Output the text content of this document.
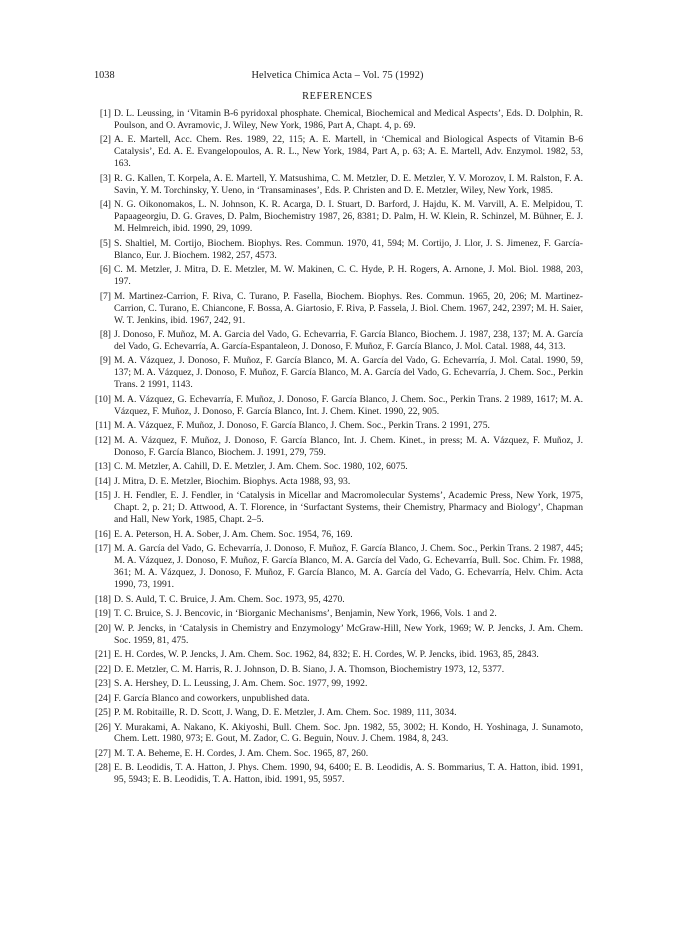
1038	Helvetica Chimica Acta – Vol. 75 (1992)
REFERENCES
[1] D. L. Leussing, in ‘Vitamin B-6 pyridoxal phosphate. Chemical, Biochemical and Medical Aspects’, Eds. D. Dolphin, R. Poulson, and O. Avramovic, J. Wiley, New York, 1986, Part A, Chapt. 4, p. 69.
[2] A. E. Martell, Acc. Chem. Res. 1989, 22, 115; A. E. Martell, in ‘Chemical and Biological Aspects of Vitamin B-6 Catalysis’, Ed. A. E. Evangelopoulos, A. R. L., New York, 1984, Part A, p. 63; A. E. Martell, Adv. Enzymol. 1982, 53, 163.
[3] R. G. Kallen, T. Korpela, A. E. Martell, Y. Matsushima, C. M. Metzler, D. E. Metzler, Y. V. Morozov, I. M. Ralston, F. A. Savin, Y. M. Torchinsky, Y. Ueno, in ‘Transaminases’, Eds. P. Christen and D. E. Metzler, Wiley, New York, 1985.
[4] N. G. Oikonomakos, L. N. Johnson, K. R. Acarga, D. I. Stuart, D. Barford, J. Hajdu, K. M. Varvill, A. E. Melpidou, T. Papaageorgiu, D. G. Graves, D. Palm, Biochemistry 1987, 26, 8381; D. Palm, H. W. Klein, R. Schinzel, M. Bühner, E. J. M. Helmreich, ibid. 1990, 29, 1099.
[5] S. Shaltiel, M. Cortijo, Biochem. Biophys. Res. Commun. 1970, 41, 594; M. Cortijo, J. Llor, J. S. Jimenez, F. García-Blanco, Eur. J. Biochem. 1982, 257, 4573.
[6] C. M. Metzler, J. Mitra, D. E. Metzler, M. W. Makinen, C. C. Hyde, P. H. Rogers, A. Arnone, J. Mol. Biol. 1988, 203, 197.
[7] M. Martinez-Carrion, F. Riva, C. Turano, P. Fasella, Biochem. Biophys. Res. Commun. 1965, 20, 206; M. Martinez-Carrion, C. Turano, E. Chiancone, F. Bossa, A. Giartosio, F. Riva, P. Fassela, J. Biol. Chem. 1967, 242, 2397; M. H. Saier, W. T. Jenkins, ibid. 1967, 242, 91.
[8] J. Donoso, F. Muñoz, M. A. Garcia del Vado, G. Echevarria, F. García Blanco, Biochem. J. 1987, 238, 137; M. A. García del Vado, G. Echevarría, A. García-Espantaleon, J. Donoso, F. Muñoz, F. García Blanco, J. Mol. Catal. 1988, 44, 313.
[9] M. A. Vázquez, J. Donoso, F. Muñoz, F. García Blanco, M. A. García del Vado, G. Echevarría, J. Mol. Catal. 1990, 59, 137; M. A. Vázquez, J. Donoso, F. Muñoz, F. García Blanco, M. A. García del Vado, G. Echevarría, J. Chem. Soc., Perkin Trans. 2 1991, 1143.
[10] M. A. Vázquez, G. Echevarría, F. Muñoz, J. Donoso, F. García Blanco, J. Chem. Soc., Perkin Trans. 2 1989, 1617; M. A. Vázquez, F. Muñoz, J. Donoso, F. García Blanco, Int. J. Chem. Kinet. 1990, 22, 905.
[11] M. A. Vázquez, F. Muñoz, J. Donoso, F. García Blanco, J. Chem. Soc., Perkin Trans. 2 1991, 275.
[12] M. A. Vázquez, F. Muñoz, J. Donoso, F. García Blanco, Int. J. Chem. Kinet., in press; M. A. Vázquez, F. Muñoz, J. Donoso, F. García Blanco, Biochem. J. 1991, 279, 759.
[13] C. M. Metzler, A. Cahill, D. E. Metzler, J. Am. Chem. Soc. 1980, 102, 6075.
[14] J. Mitra, D. E. Metzler, Biochim. Biophys. Acta 1988, 93, 93.
[15] J. H. Fendler, E. J. Fendler, in ‘Catalysis in Micellar and Macromolecular Systems’, Academic Press, New York, 1975, Chapt. 2, p. 21; D. Attwood, A. T. Florence, in ‘Surfactant Systems, their Chemistry, Pharmacy and Biology’, Chapman and Hall, New York, 1985, Chapt. 2–5.
[16] E. A. Peterson, H. A. Sober, J. Am. Chem. Soc. 1954, 76, 169.
[17] M. A. García del Vado, G. Echevarría, J. Donoso, F. Muñoz, F. García Blanco, J. Chem. Soc., Perkin Trans. 2 1987, 445; M. A. Vázquez, J. Donoso, F. Muñoz, F. García Blanco, M. A. García del Vado, G. Echevarría, Bull. Soc. Chim. Fr. 1988, 361; M. A. Vázquez, J. Donoso, F. Muñoz, F. García Blanco, M. A. García del Vado, G. Echevarría, Helv. Chim. Acta 1990, 73, 1991.
[18] D. S. Auld, T. C. Bruice, J. Am. Chem. Soc. 1973, 95, 4270.
[19] T. C. Bruice, S. J. Bencovic, in ‘Biorganic Mechanisms’, Benjamin, New York, 1966, Vols. 1 and 2.
[20] W. P. Jencks, in ‘Catalysis in Chemistry and Enzymology’ McGraw-Hill, New York, 1969; W. P. Jencks, J. Am. Chem. Soc. 1959, 81, 475.
[21] E. H. Cordes, W. P. Jencks, J. Am. Chem. Soc. 1962, 84, 832; E. H. Cordes, W. P. Jencks, ibid. 1963, 85, 2843.
[22] D. E. Metzler, C. M. Harris, R. J. Johnson, D. B. Siano, J. A. Thomson, Biochemistry 1973, 12, 5377.
[23] S. A. Hershey, D. L. Leussing, J. Am. Chem. Soc. 1977, 99, 1992.
[24] F. García Blanco and coworkers, unpublished data.
[25] P. M. Robitaille, R. D. Scott, J. Wang, D. E. Metzler, J. Am. Chem. Soc. 1989, 111, 3034.
[26] Y. Murakami, A. Nakano, K. Akiyoshi, Bull. Chem. Soc. Jpn. 1982, 55, 3002; H. Kondo, H. Yoshinaga, J. Sunamoto, Chem. Lett. 1980, 973; E. Gout, M. Zador, C. G. Beguin, Nouv. J. Chem. 1984, 8, 243.
[27] M. T. A. Beheme, E. H. Cordes, J. Am. Chem. Soc. 1965, 87, 260.
[28] E. B. Leodidis, T. A. Hatton, J. Phys. Chem. 1990, 94, 6400; E. B. Leodidis, A. S. Bommarius, T. A. Hatton, ibid. 1991, 95, 5943; E. B. Leodidis, T. A. Hatton, ibid. 1991, 95, 5957.
